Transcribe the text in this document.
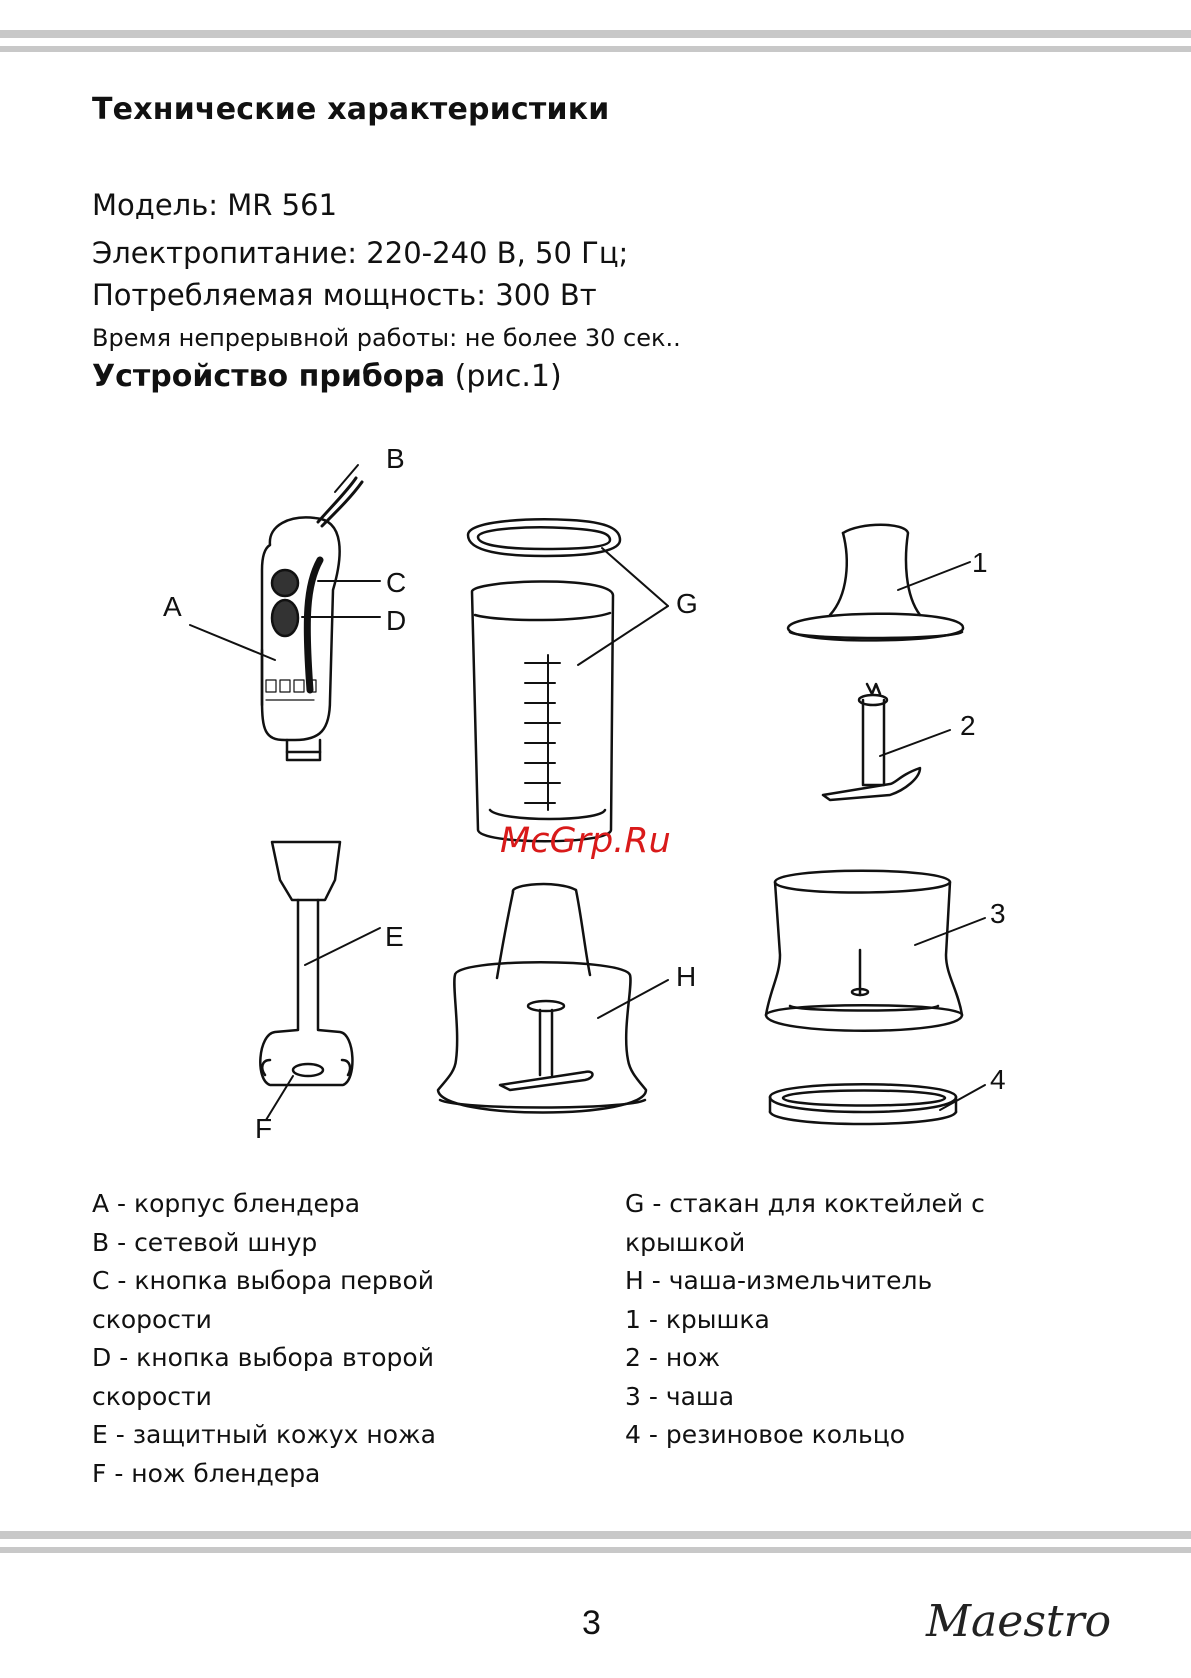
Технические характеристики

Модель: MR 561

Электропитание: 220-240 В, 50 Гц;

Потребляемая мощность: 300 Вт

Время непрерывной работы: не более 30 сек..

Устройство прибора (рис.1)
B
A
C
D
E
F
G
H
1
2
3
4
McGrp.Ru
A - корпус блендера
B - сетевой шнур
C - кнопка выбора первой
скорости
D - кнопка выбора второй
скорости
E - защитный кожух ножа
F - нож блендера
G - стакан для коктейлей с
крышкой
H - чаша-измельчитель
1 - крышка
2 - нож
3 - чаша
4 - резиновое кольцо
3	Maestro
